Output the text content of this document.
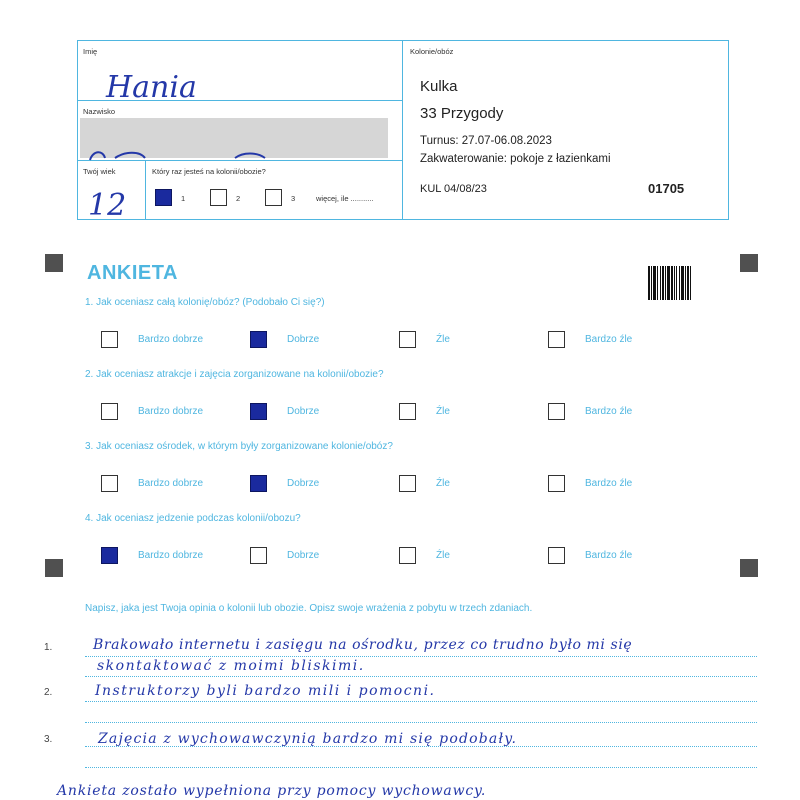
Imię
Hania
Nazwisko
Twój wiek
12
Który raz jesteś na kolonii/obozie?
1	2	3	więcej, ile ...........
Kolonie/obóz
Kulka
33 Przygody
Turnus: 27.07-06.08.2023
Zakwaterowanie: pokoje z łazienkami
KUL 04/08/23	01705
ANKIETA
1. Jak oceniasz całą kolonię/obóz? (Podobało Ci się?)
Bardzo dobrze	Dobrze	Źle	Bardzo źle
2. Jak oceniasz atrakcje i zajęcia zorganizowane na kolonii/obozie?
Bardzo dobrze	Dobrze	Źle	Bardzo źle
3. Jak oceniasz ośrodek, w którym były zorganizowane kolonie/obóz?
Bardzo dobrze	Dobrze	Źle	Bardzo źle
4. Jak oceniasz jedzenie podczas kolonii/obozu?
Bardzo dobrze	Dobrze	Źle	Bardzo źle
Napisz, jaka jest Twoja opinia o kolonii lub obozie. Opisz swoje wrażenia z pobytu w trzech zdaniach.
1.
2.
3.
Brakowało internetu i zasięgu na ośrodku, przez co trudno było mi się
skontaktować z moimi bliskimi.
Instruktorzy byli bardzo mili i pomocni.
Zajęcia z wychowawczynią bardzo mi się podobały.
Ankieta zostało wypełniona przy pomocy wychowawcy.
